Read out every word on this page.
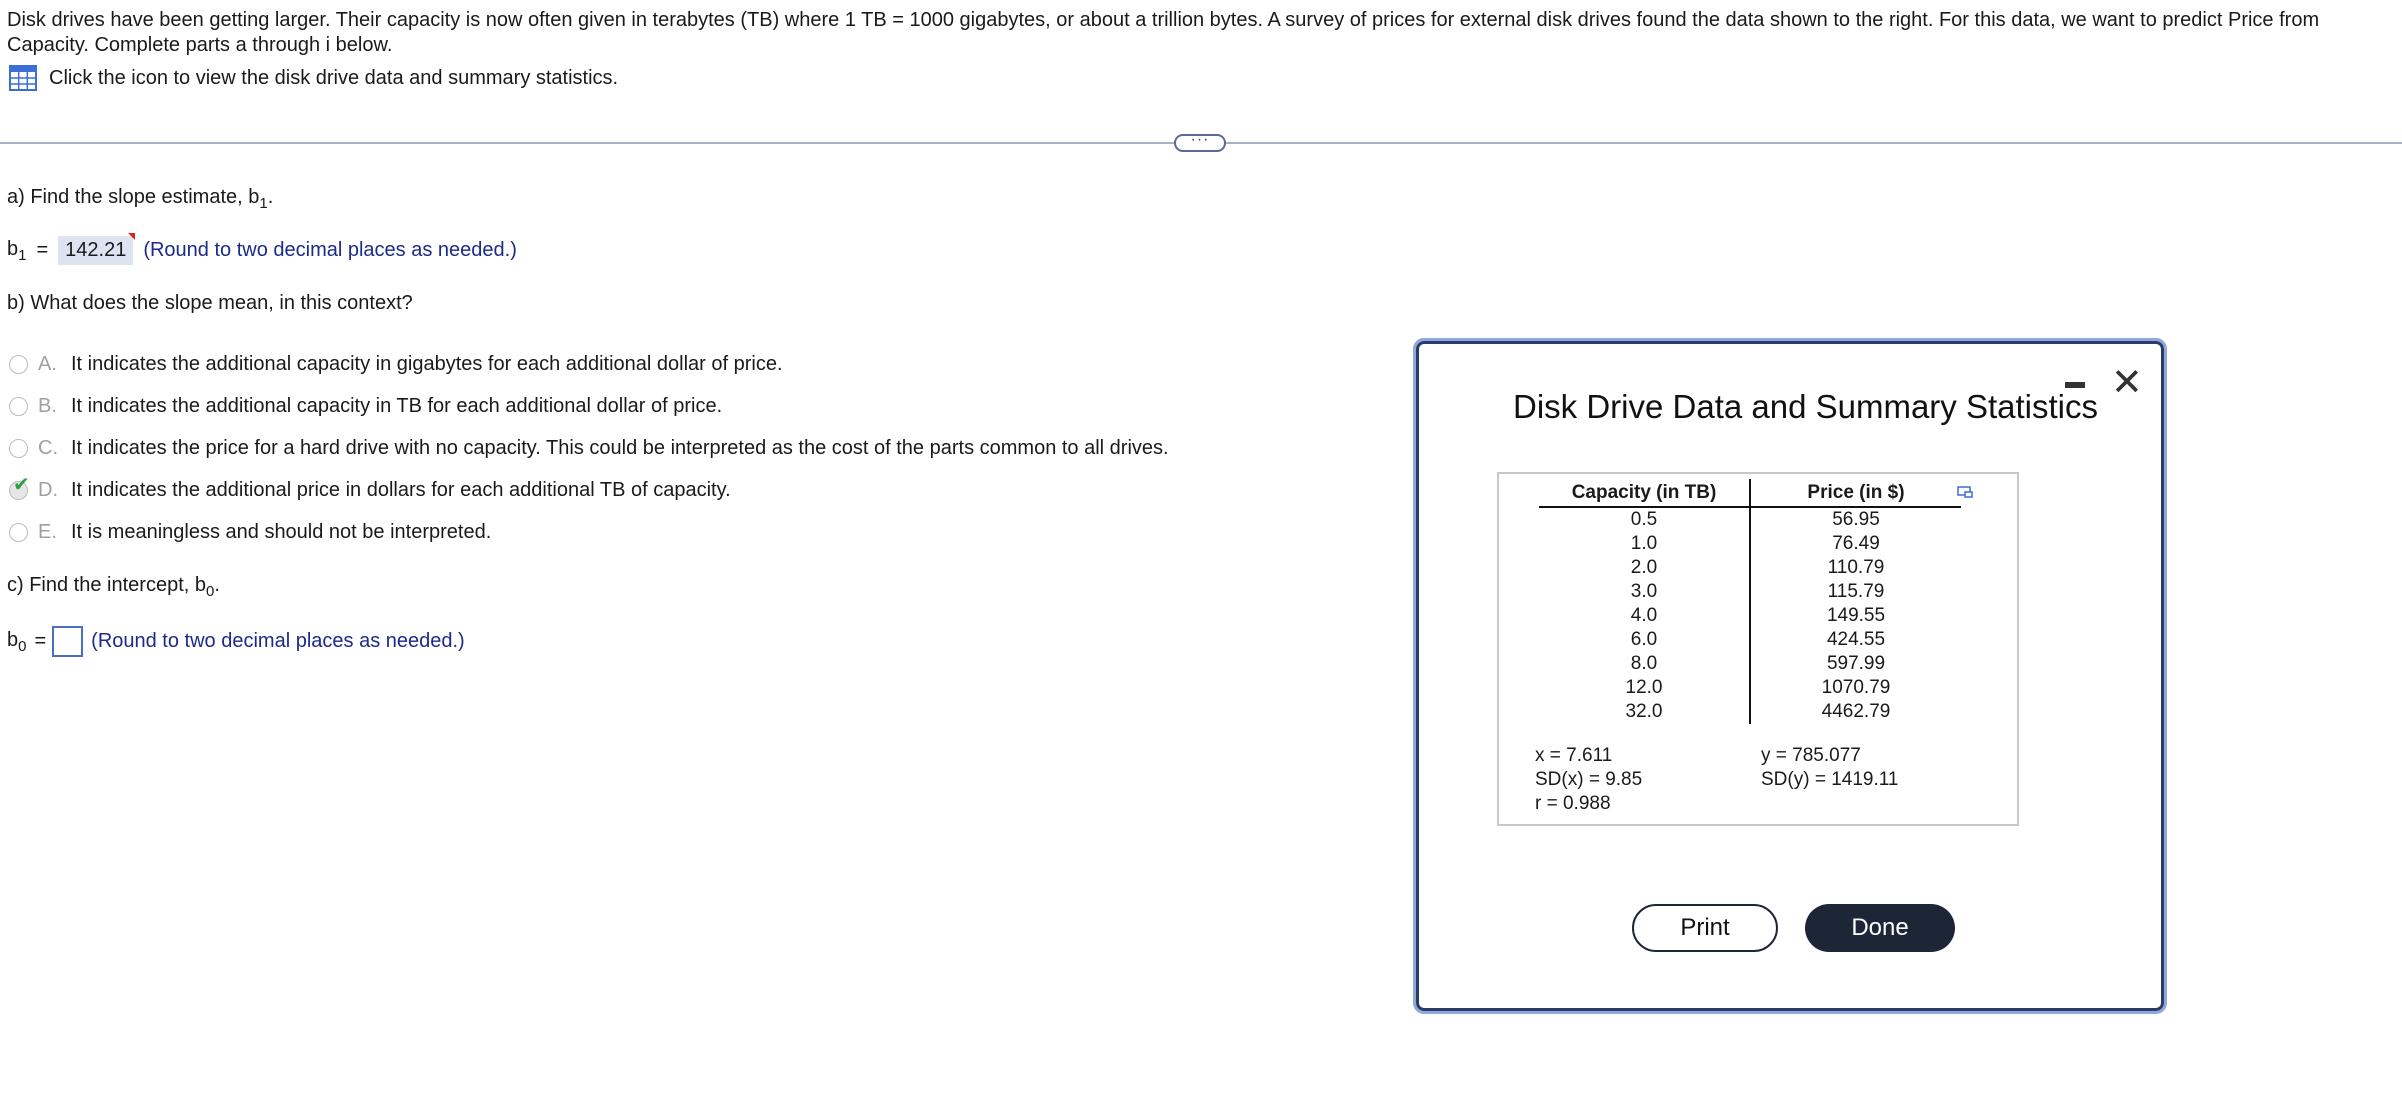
Disk drives have been getting larger. Their capacity is now often given in terabytes (TB) where 1 TB = 1000 gigabytes, or about a trillion bytes. A survey of prices for external disk drives found the data shown to the right. For this data, we want to predict Price from Capacity. Complete parts a through i below.
Click the icon to view the disk drive data and summary statistics.
···
a) Find the slope estimate, $b_1$.
$b_1 = 142.21$ (Round to two decimal places as needed.)
b) What does the slope mean, in this context?
A. It indicates the additional capacity in gigabytes for each additional dollar of price.
B. It indicates the additional capacity in TB for each additional dollar of price.
C. It indicates the price for a hard drive with no capacity. This could be interpreted as the cost of the parts common to all drives.
✔ D. It indicates the additional price in dollars for each additional TB of capacity.
E. It is meaningless and should not be interpreted.
c) Find the intercept, $b_0$.
$b_0$ = (Round to two decimal places as needed.)
Disk Drive Data and Summary Statistics
✕
Capacity (in TB)	Price (in $)
0.5	56.95
1.0	76.49
2.0	110.79
3.0	115.79
4.0	149.55
6.0	424.55
8.0	597.99
12.0	1070.79
32.0	4462.79
x = 7.611
SD(x) = 9.85
r = 0.988
y = 785.077
SD(y) = 1419.11
Print	Done
